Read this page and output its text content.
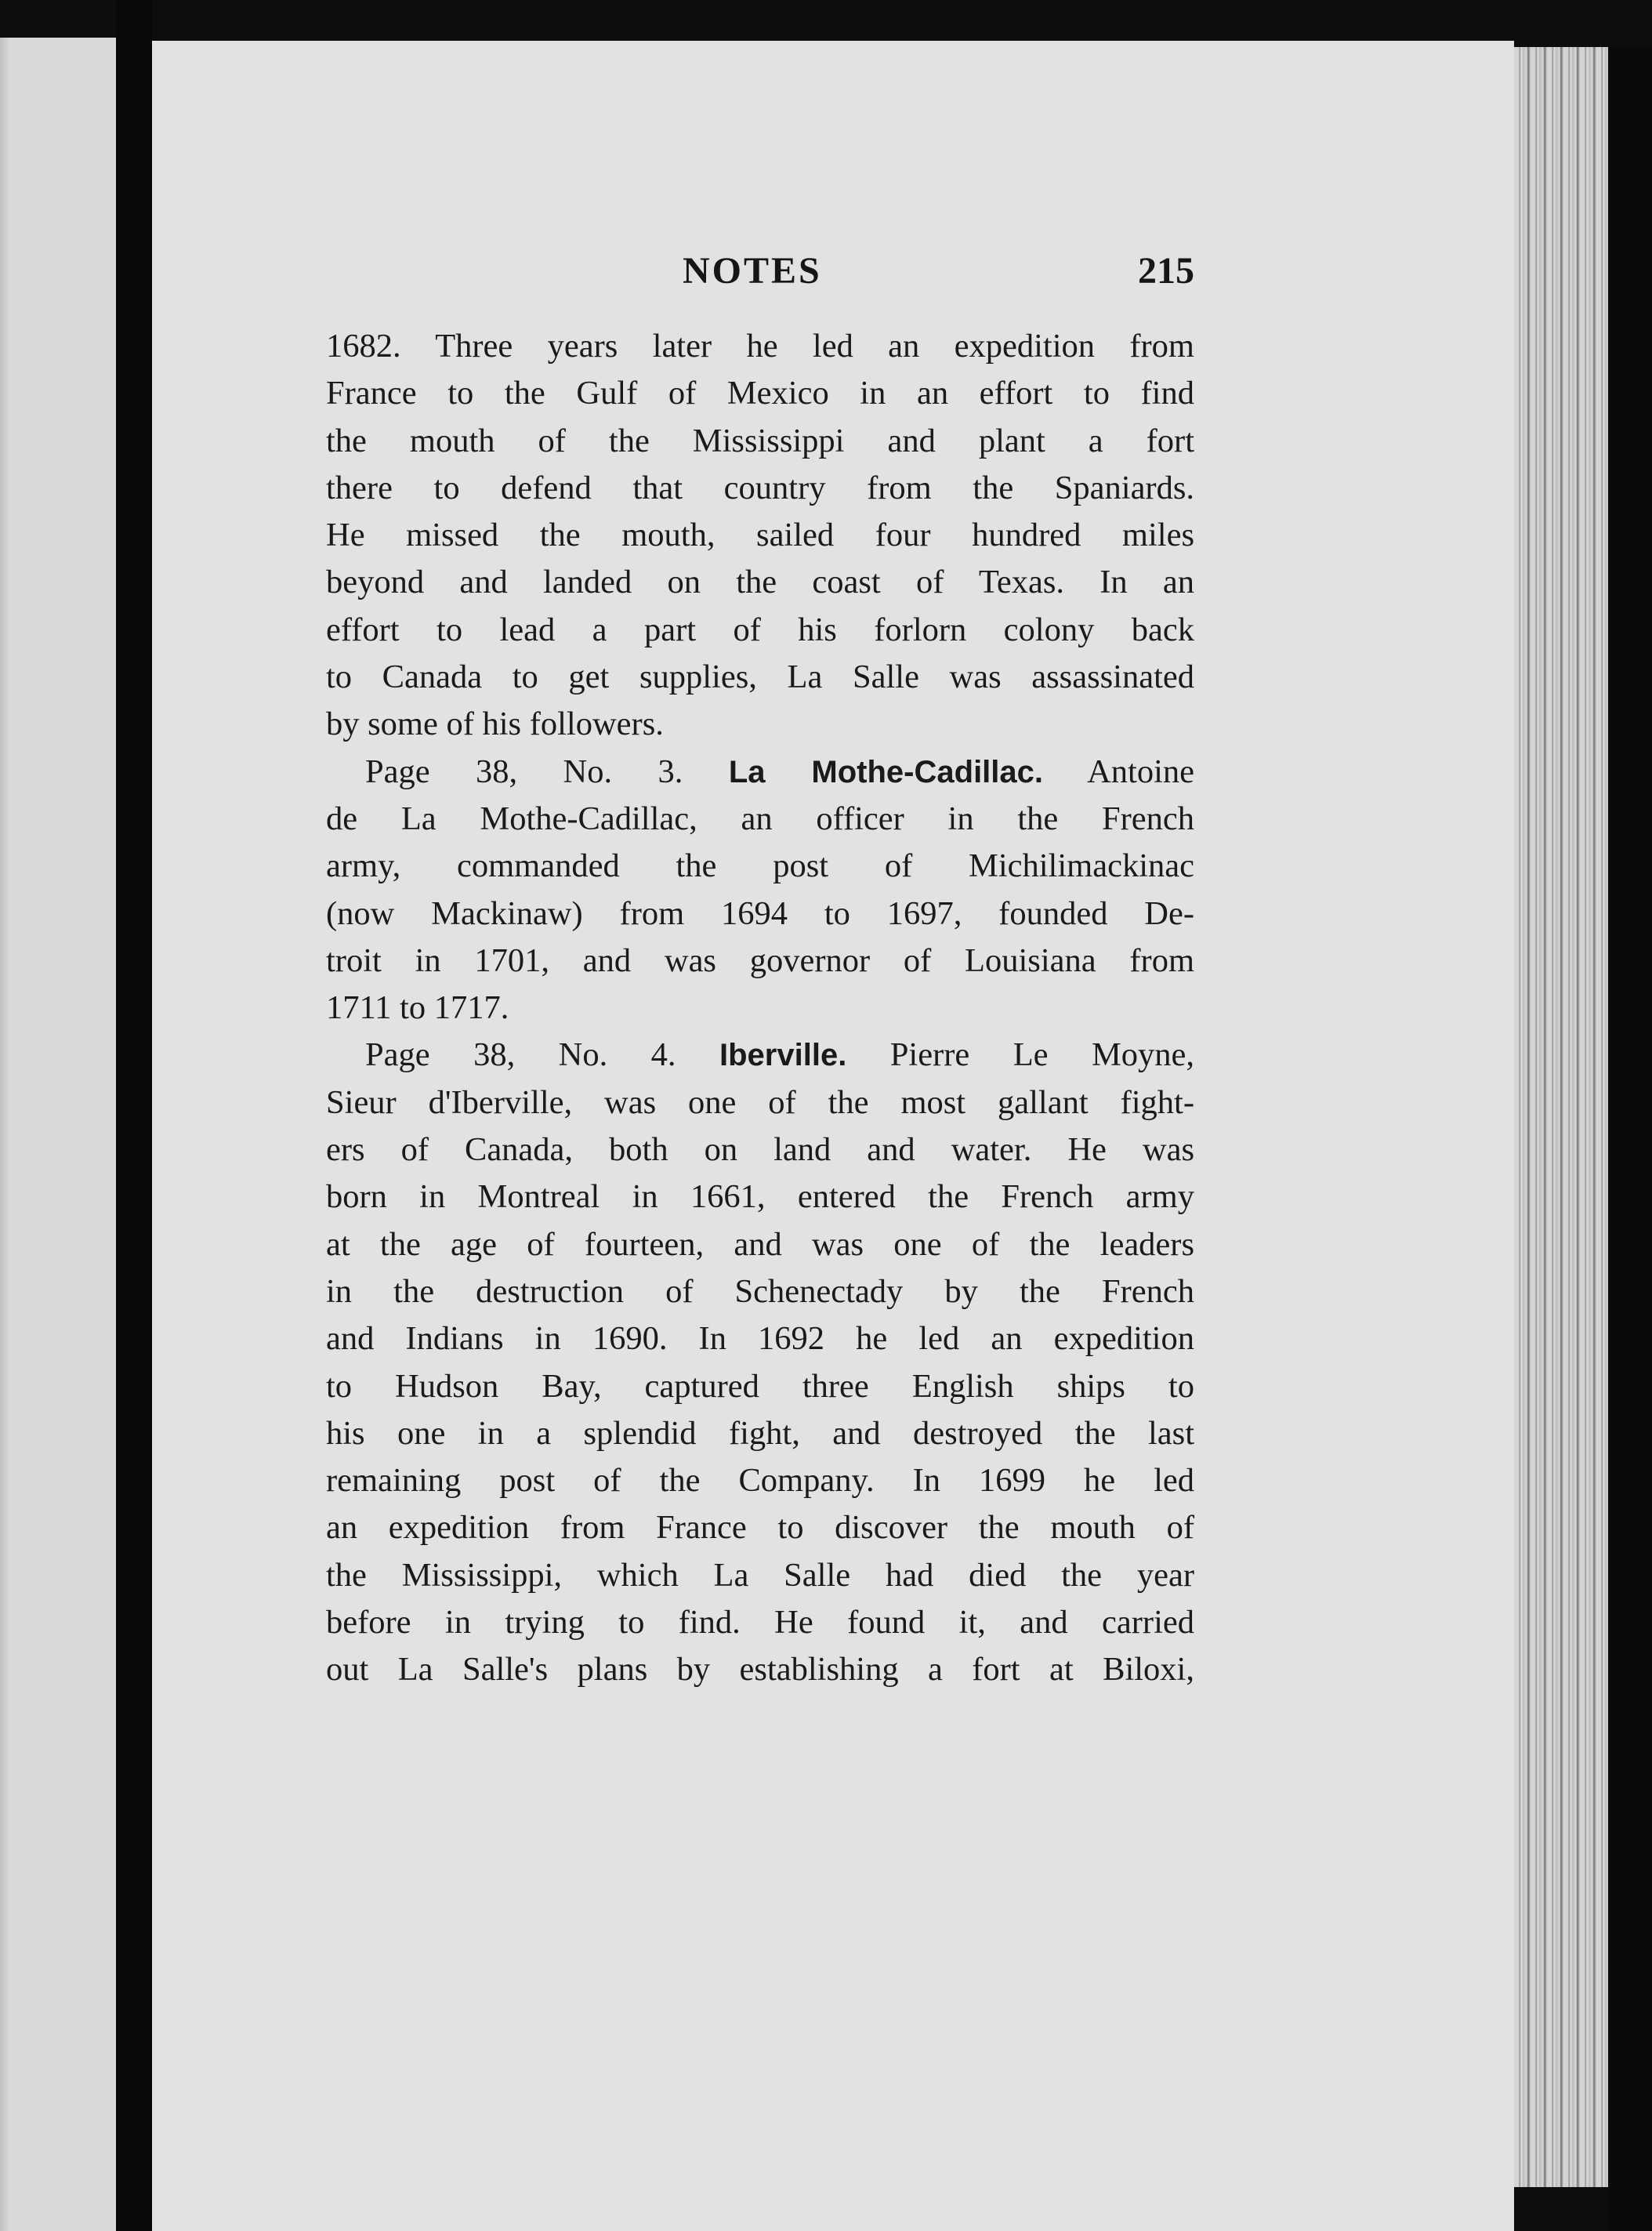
NOTES	215
1682. Three years later he led an expedition from
France to the Gulf of Mexico in an effort to find
the mouth of the Mississippi and plant a fort
there to defend that country from the Spaniards.
He missed the mouth, sailed four hundred miles
beyond and landed on the coast of Texas. In an
effort to lead a part of his forlorn colony back
to Canada to get supplies, La Salle was assassinated
by some of his followers.
Page 38, No. 3. La Mothe-Cadillac. Antoine
de La Mothe-Cadillac, an officer in the French
army, commanded the post of Michilimackinac
(now Mackinaw) from 1694 to 1697, founded De-
troit in 1701, and was governor of Louisiana from
1711 to 1717.
Page 38, No. 4. Iberville. Pierre Le Moyne,
Sieur d'Iberville, was one of the most gallant fight-
ers of Canada, both on land and water. He was
born in Montreal in 1661, entered the French army
at the age of fourteen, and was one of the leaders
in the destruction of Schenectady by the French
and Indians in 1690. In 1692 he led an expedition
to Hudson Bay, captured three English ships to
his one in a splendid fight, and destroyed the last
remaining post of the Company. In 1699 he led
an expedition from France to discover the mouth of
the Mississippi, which La Salle had died the year
before in trying to find. He found it, and carried
out La Salle's plans by establishing a fort at Biloxi,
